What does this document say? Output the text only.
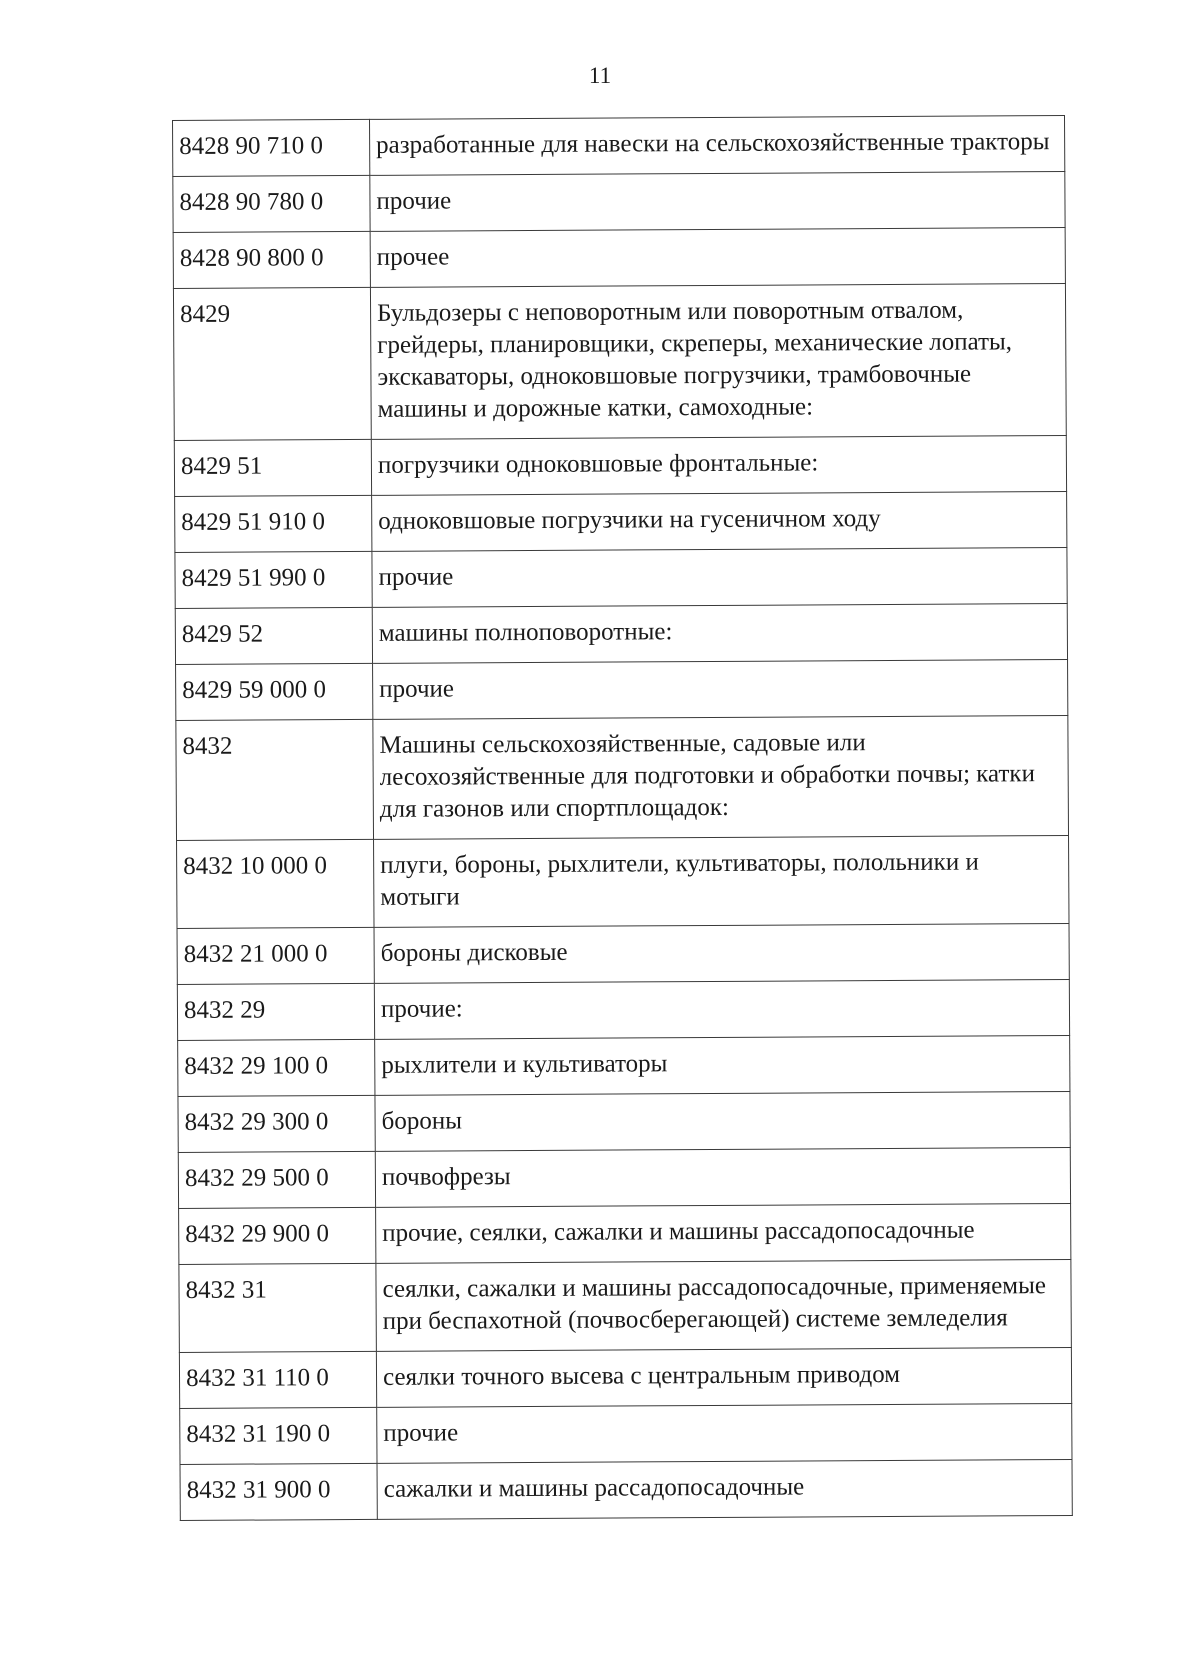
11
8428 90 710 0	разработанные для навески на сельскохозяйственные тракторы
8428 90 780 0	прочие
8428 90 800 0	прочее
8429	Бульдозеры с неповоротным или поворотным отвалом, грейдеры, планировщики, скреперы, механические лопаты, экскаваторы, одноковшовые погрузчики, трамбовочные машины и дорожные катки, самоходные:
8429 51	погрузчики одноковшовые фронтальные:
8429 51 910 0	одноковшовые погрузчики на гусеничном ходу
8429 51 990 0	прочие
8429 52	машины полноповоротные:
8429 59 000 0	прочие
8432	Машины сельскохозяйственные, садовые или лесохозяйственные для подготовки и обработки почвы; катки для газонов или спортплощадок:
8432 10 000 0	плуги, бороны, рыхлители, культиваторы, полольники и мотыги
8432 21 000 0	бороны дисковые
8432 29	прочие:
8432 29 100 0	рыхлители и культиваторы
8432 29 300 0	бороны
8432 29 500 0	почвофрезы
8432 29 900 0	прочие, сеялки, сажалки и машины рассадопосадочные
8432 31	сеялки, сажалки и машины рассадопосадочные, применяемые при беспахотной (почвосберегающей) системе земледелия
8432 31 110 0	сеялки точного высева с центральным приводом
8432 31 190 0	прочие
8432 31 900 0	сажалки и машины рассадопосадочные
